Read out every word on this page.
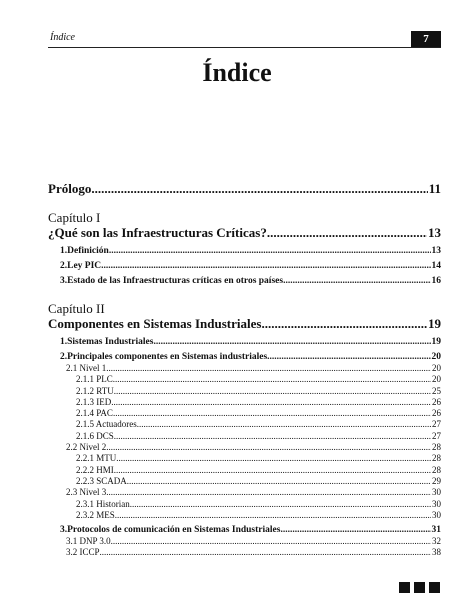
Índice	7
Índice
Prólogo .....	11
Capítulo I
¿Qué son las Infraestructuras Críticas? .....	13
1. Definición .....	13
2. Ley PIC .....	14
3. Estado de las Infraestructuras críticas en otros países .....	16
Capítulo II
Componentes en Sistemas Industriales .....	19
1. Sistemas Industriales .....	19
2. Principales componentes en Sistemas industriales .....	20
2.1 Nivel 1 .....	20
2.1.1 PLC .....	20
2.1.2 RTU .....	25
2.1.3 IED .....	26
2.1.4 PAC .....	26
2.1.5 Actuadores .....	27
2.1.6 DCS .....	27
2.2 Nivel 2 .....	28
2.2.1 MTU .....	28
2.2.2 HMI .....	28
2.2.3 SCADA .....	29
2.3 Nivel 3 .....	30
2.3.1 Historian .....	30
2.3.2 MES .....	30
3. Protocolos de comunicación en Sistemas Industriales .....	31
3.1 DNP 3.0 .....	32
3.2 ICCP .....	38
